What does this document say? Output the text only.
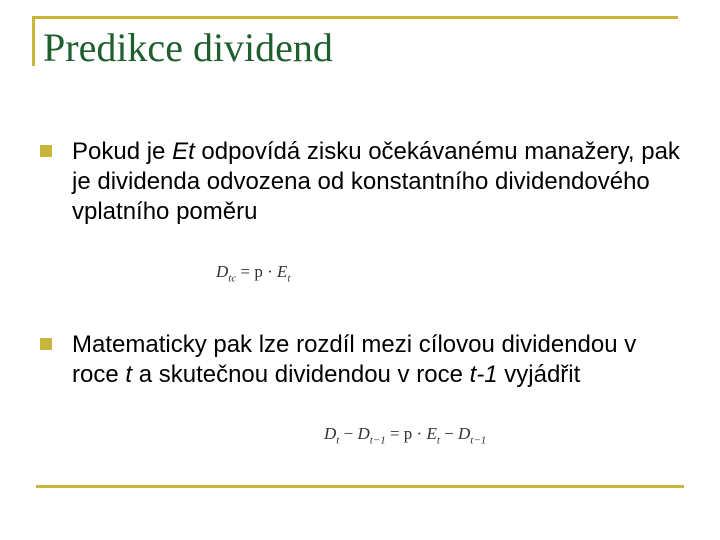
Predikce dividend
Pokud je Et odpovídá zisku očekávanému manažery, pak je dividenda odvozena od konstantního dividendového vplatního poměru
$D_{tc} = p \cdot E_t$
Matematicky pak lze rozdíl mezi cílovou dividendou v roce t a skutečnou dividendou v roce t-1 vyjádřit
$D_t - D_{t-1} = p \cdot E_t - D_{t-1}$
